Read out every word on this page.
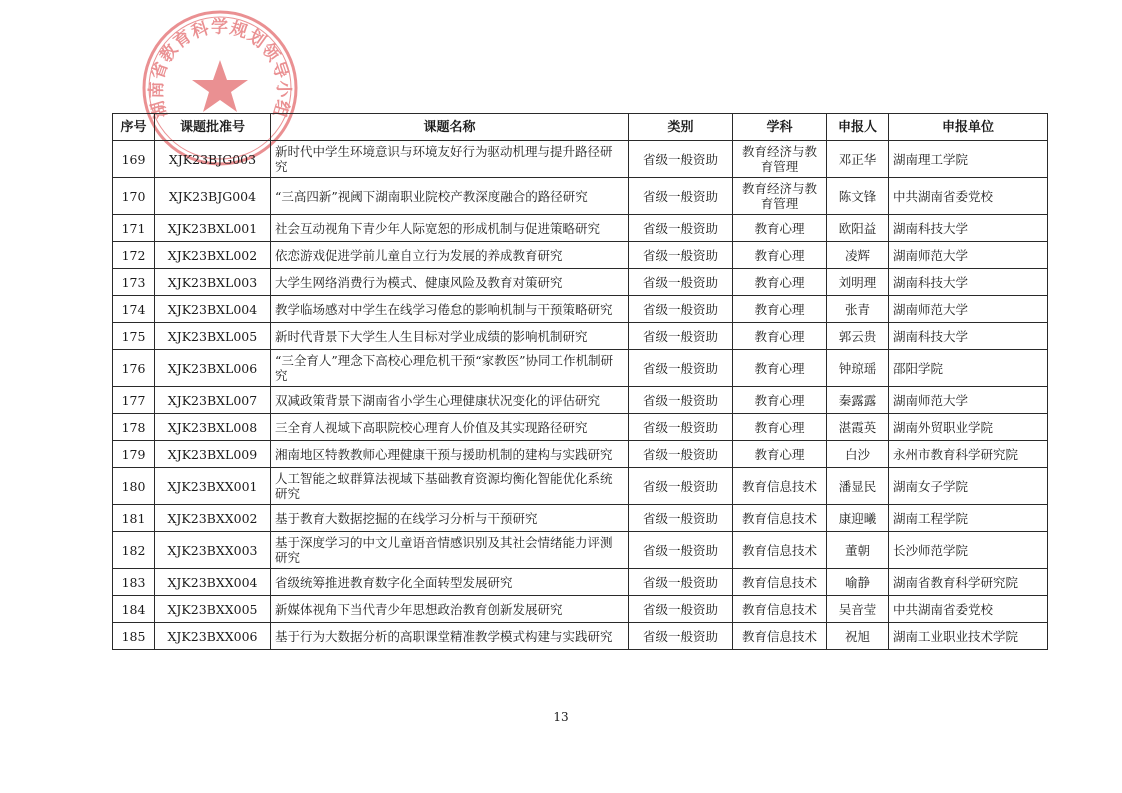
湖南省教育科学规划领导小组
序号	课题批准号	课题名称	类别	学科	申报人	申报单位
169	XJK23BJG003	新时代中学生环境意识与环境友好行为驱动机理与提升路径研究	省级一般资助	教育经济与教育管理	邓正华	湖南理工学院
170	XJK23BJG004	“三高四新”视阈下湖南职业院校产教深度融合的路径研究	省级一般资助	教育经济与教育管理	陈文锋	中共湖南省委党校
171	XJK23BXL001	社会互动视角下青少年人际宽恕的形成机制与促进策略研究	省级一般资助	教育心理	欧阳益	湖南科技大学
172	XJK23BXL002	依恋游戏促进学前儿童自立行为发展的养成教育研究	省级一般资助	教育心理	凌辉	湖南师范大学
173	XJK23BXL003	大学生网络消费行为模式、健康风险及教育对策研究	省级一般资助	教育心理	刘明理	湖南科技大学
174	XJK23BXL004	教学临场感对中学生在线学习倦怠的影响机制与干预策略研究	省级一般资助	教育心理	张青	湖南师范大学
175	XJK23BXL005	新时代背景下大学生人生目标对学业成绩的影响机制研究	省级一般资助	教育心理	郭云贵	湖南科技大学
176	XJK23BXL006	“三全育人”理念下高校心理危机干预“家教医”协同工作机制研究	省级一般资助	教育心理	钟琼瑶	邵阳学院
177	XJK23BXL007	双减政策背景下湖南省小学生心理健康状况变化的评估研究	省级一般资助	教育心理	秦露露	湖南师范大学
178	XJK23BXL008	三全育人视域下高职院校心理育人价值及其实现路径研究	省级一般资助	教育心理	湛霞英	湖南外贸职业学院
179	XJK23BXL009	湘南地区特教教师心理健康干预与援助机制的建构与实践研究	省级一般资助	教育心理	白沙	永州市教育科学研究院
180	XJK23BXX001	人工智能之蚁群算法视域下基础教育资源均衡化智能优化系统研究	省级一般资助	教育信息技术	潘显民	湖南女子学院
181	XJK23BXX002	基于教育大数据挖掘的在线学习分析与干预研究	省级一般资助	教育信息技术	康迎曦	湖南工程学院
182	XJK23BXX003	基于深度学习的中文儿童语音情感识别及其社会情绪能力评测研究	省级一般资助	教育信息技术	董朝	长沙师范学院
183	XJK23BXX004	省级统筹推进教育数字化全面转型发展研究	省级一般资助	教育信息技术	喻静	湖南省教育科学研究院
184	XJK23BXX005	新媒体视角下当代青少年思想政治教育创新发展研究	省级一般资助	教育信息技术	吴音莹	中共湖南省委党校
185	XJK23BXX006	基于行为大数据分析的高职课堂精准教学模式构建与实践研究	省级一般资助	教育信息技术	祝旭	湖南工业职业技术学院
13
